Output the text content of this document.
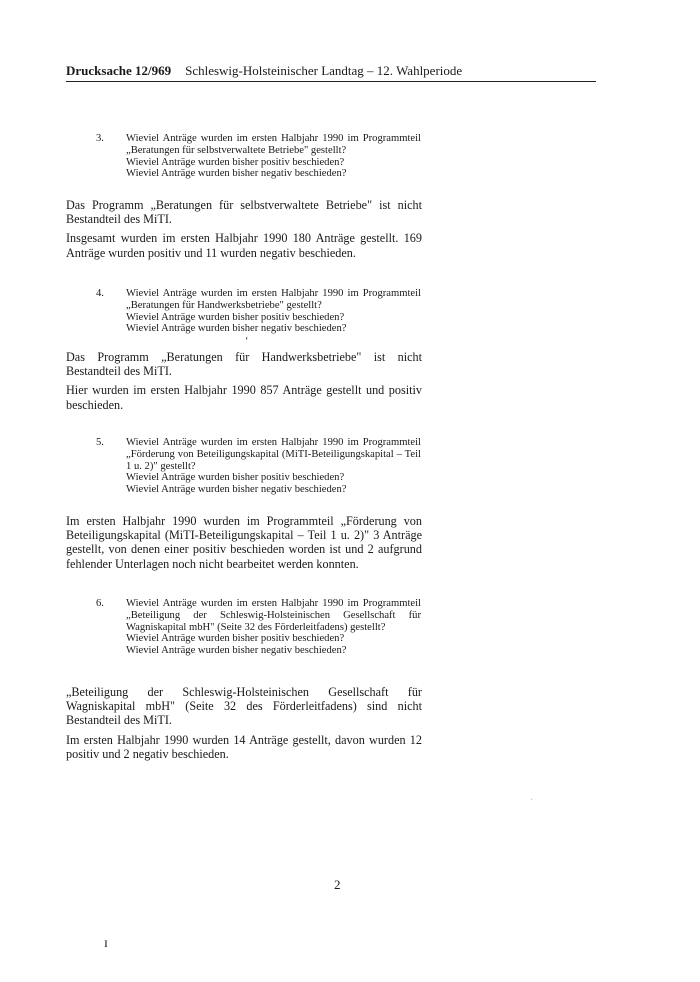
Drucksache 12/969 Schleswig-Holsteinischer Landtag – 12. Wahlperiode

3. Wieviel Anträge wurden im ersten Halbjahr 1990 im Programmteil „Beratungen für selbstverwaltete Betriebe" gestellt?

Wieviel Anträge wurden bisher positiv beschieden?

Wieviel Anträge wurden bisher negativ beschieden?

Das Programm „Beratungen für selbstverwaltete Betriebe" ist nicht Bestandteil des MiTI.

Insgesamt wurden im ersten Halbjahr 1990 180 Anträge gestellt. 169 Anträge wurden positiv und 11 wurden negativ beschieden.

4. Wieviel Anträge wurden im ersten Halbjahr 1990 im Programmteil „Beratungen für Handwerksbetriebe" gestellt?

Wieviel Anträge wurden bisher positiv beschieden?

Wieviel Anträge wurden bisher negativ beschieden?

Das Programm „Beratungen für Handwerksbetriebe" ist nicht Bestandteil des MiTI.

Hier wurden im ersten Halbjahr 1990 857 Anträge gestellt und positiv beschieden.

5. Wieviel Anträge wurden im ersten Halbjahr 1990 im Programmteil „Förderung von Beteiligungskapital (MiTI-Beteiligungskapital – Teil 1 u. 2)" gestellt?

Wieviel Anträge wurden bisher positiv beschieden?

Wieviel Anträge wurden bisher negativ beschieden?

Im ersten Halbjahr 1990 wurden im Programmteil „Förderung von Beteiligungskapital (MiTI-Beteiligungskapital – Teil 1 u. 2)" 3 Anträge gestellt, von denen einer positiv beschieden worden ist und 2 aufgrund fehlender Unterlagen noch nicht bearbeitet werden konnten.

6. Wieviel Anträge wurden im ersten Halbjahr 1990 im Programmteil „Beteiligung der Schleswig-Holsteinischen Gesellschaft für Wagniskapital mbH" (Seite 32 des Förderleitfadens) gestellt?

Wieviel Anträge wurden bisher positiv beschieden?

Wieviel Anträge wurden bisher negativ beschieden?

„Beteiligung der Schleswig-Holsteinischen Gesellschaft für Wagniskapital mbH" (Seite 32 des Förderleitfadens) sind nicht Bestandteil des MiTI.

Im ersten Halbjahr 1990 wurden 14 Anträge gestellt, davon wurden 12 positiv und 2 negativ beschieden.

2
‘
·
ɪ
